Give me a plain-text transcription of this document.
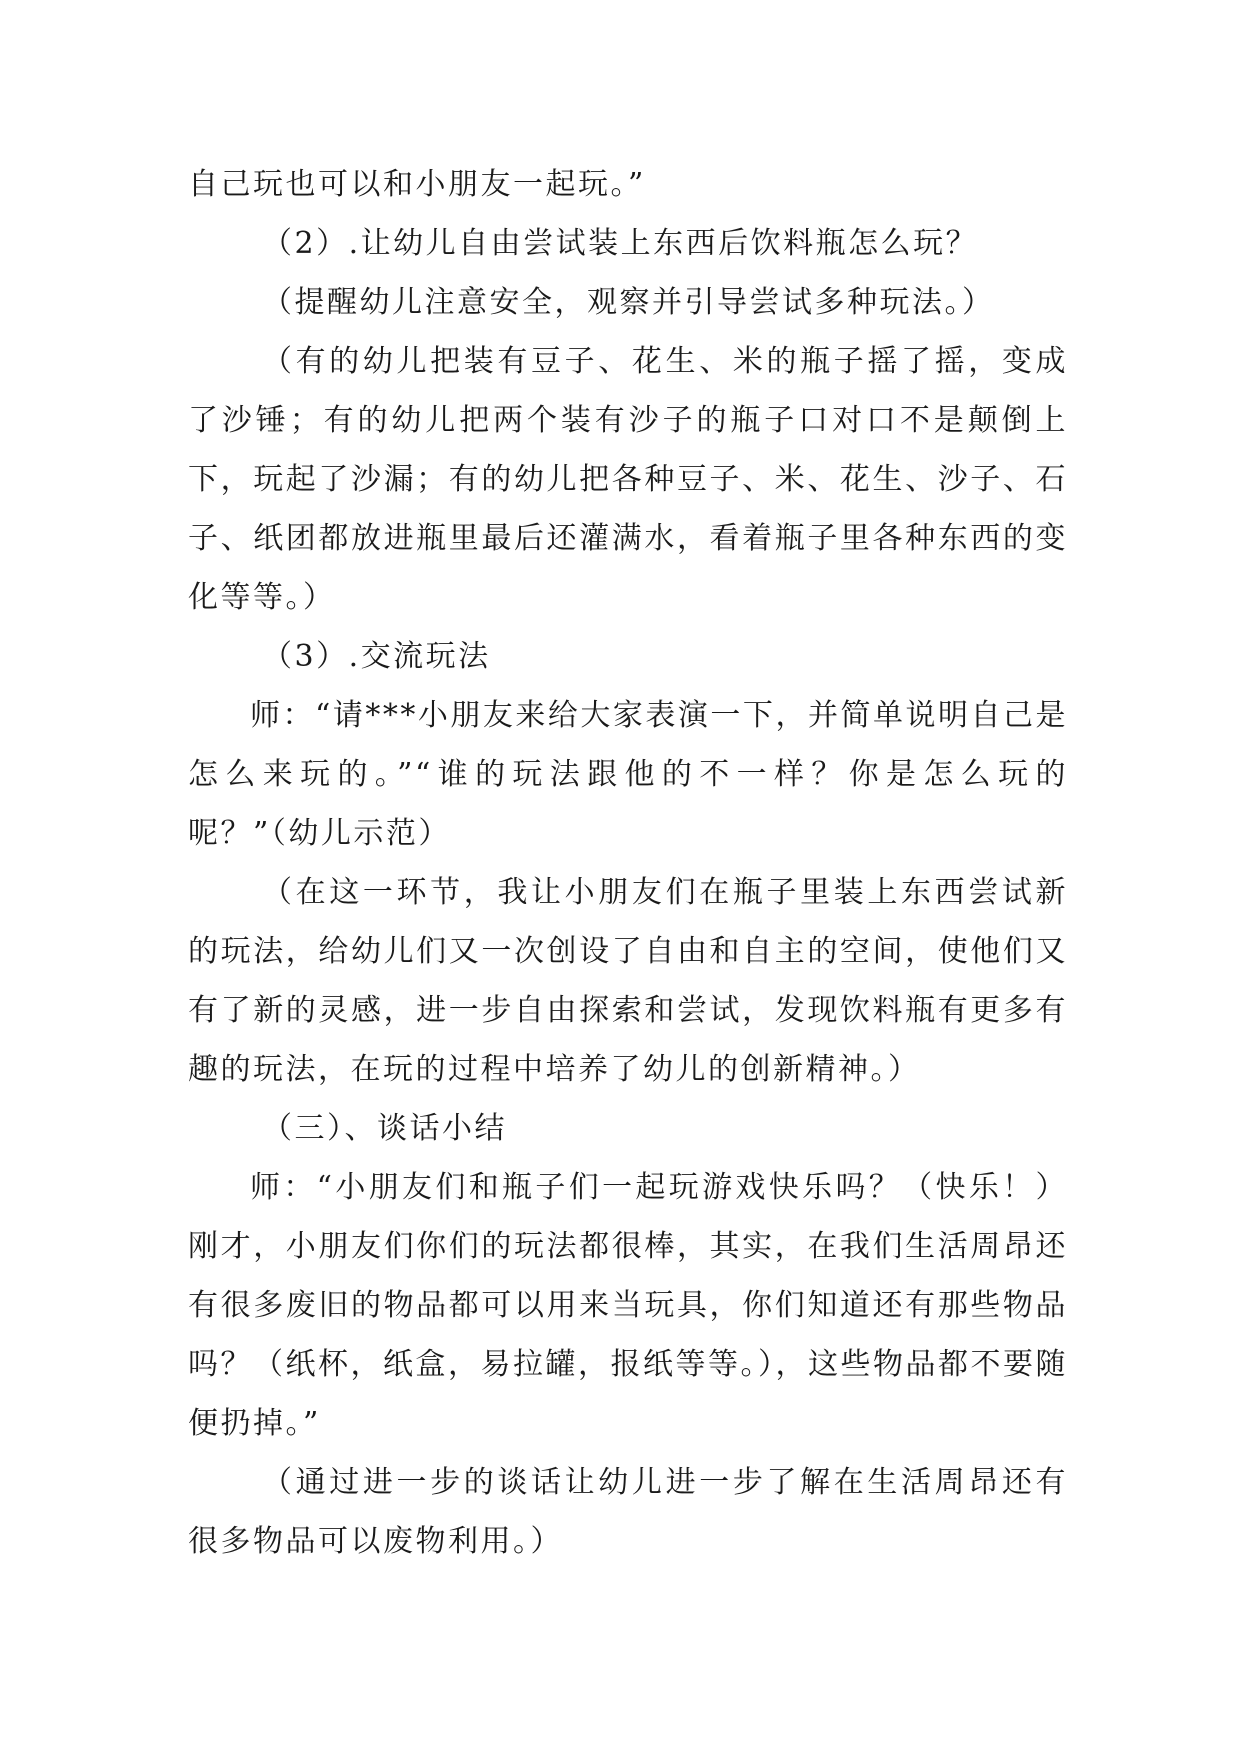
自己玩也可以和小朋友一起玩。”

（2）.让幼儿自由尝试装上东西后饮料瓶怎么玩？

（提醒幼儿注意安全，观察并引导尝试多种玩法。）

（有的幼儿把装有豆子、花生、米的瓶子摇了摇，变成了沙锤；有的幼儿把两个装有沙子的瓶子口对口不是颠倒上下，玩起了沙漏；有的幼儿把各种豆子、米、花生、沙子、石子、纸团都放进瓶里最后还灌满水，看着瓶子里各种东西的变化等等。）

（3）.交流玩法

师：“请***小朋友来给大家表演一下，并简单说明自己是怎么来玩的。”“谁的玩法跟他的不一样？你是怎么玩的呢？”（幼儿示范）

（在这一环节，我让小朋友们在瓶子里装上东西尝试新的玩法，给幼儿们又一次创设了自由和自主的空间，使他们又有了新的灵感，进一步自由探索和尝试，发现饮料瓶有更多有趣的玩法，在玩的过程中培养了幼儿的创新精神。）

（三）、谈话小结

师：“小朋友们和瓶子们一起玩游戏快乐吗？（快乐！）刚才，小朋友们你们的玩法都很棒，其实，在我们生活周昂还有很多废旧的物品都可以用来当玩具，你们知道还有那些物品吗？（纸杯，纸盒，易拉罐，报纸等等。），这些物品都不要随便扔掉。”

（通过进一步的谈话让幼儿进一步了解在生活周昂还有很多物品可以废物利用。）
